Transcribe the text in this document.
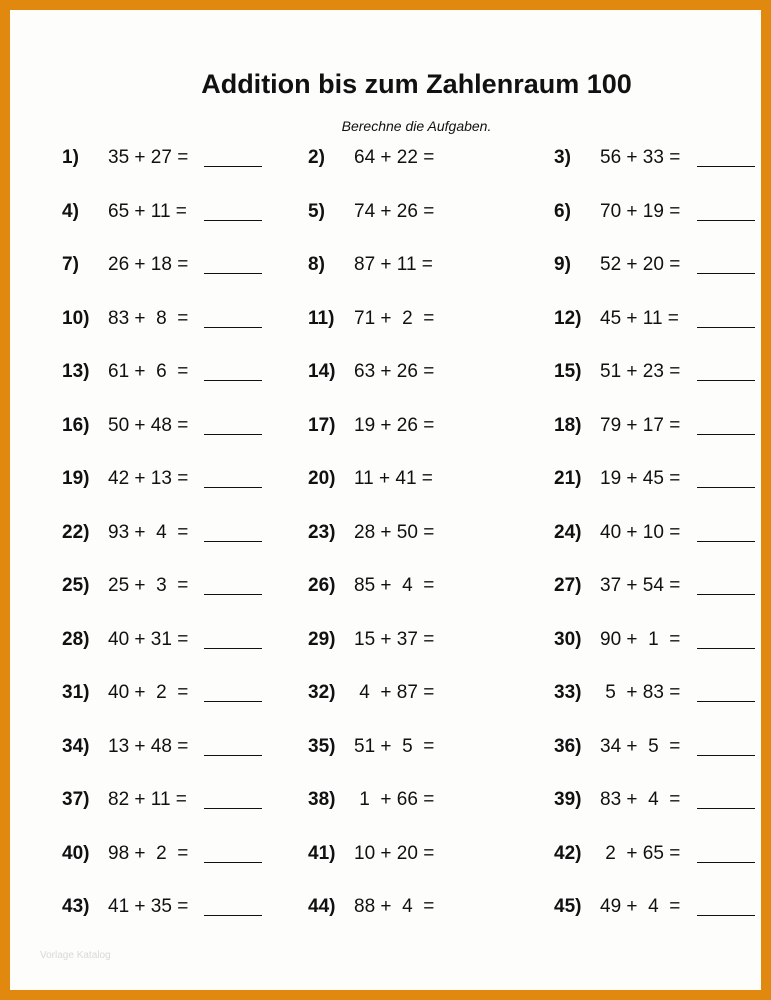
Addition bis zum Zahlenraum 100
Berechne die Aufgaben.
1) 35 + 27 =	2) 64 + 22 =	3) 56 + 33 =
4) 65 + 11 =	5) 74 + 26 =	6) 70 + 19 =
7) 26 + 18 =	8) 87 + 11 =	9) 52 + 20 =
10) 83 +  8  =	11) 71 +  2  =	12) 45 + 11 =
13) 61 +  6  =	14) 63 + 26 =	15) 51 + 23 =
16) 50 + 48 =	17) 19 + 26 =	18) 79 + 17 =
19) 42 + 13 =	20) 11 + 41 =	21) 19 + 45 =
22) 93 +  4  =	23) 28 + 50 =	24) 40 + 10 =
25) 25 +  3  =	26) 85 +  4  =	27) 37 + 54 =
28) 40 + 31 =	29) 15 + 37 =	30) 90 +  1  =
31) 40 +  2  =	32) 4  + 87 =	33) 5  + 83 =
34) 13 + 48 =	35) 51 +  5  =	36) 34 +  5  =
37) 82 + 11 =	38) 1  + 66 =	39) 83 +  4  =
40) 98 +  2  =	41) 10 + 20 =	42) 2  + 65 =
43) 41 + 35 =	44) 88 +  4  =	45) 49 +  4  =
Vorlage Katalog
